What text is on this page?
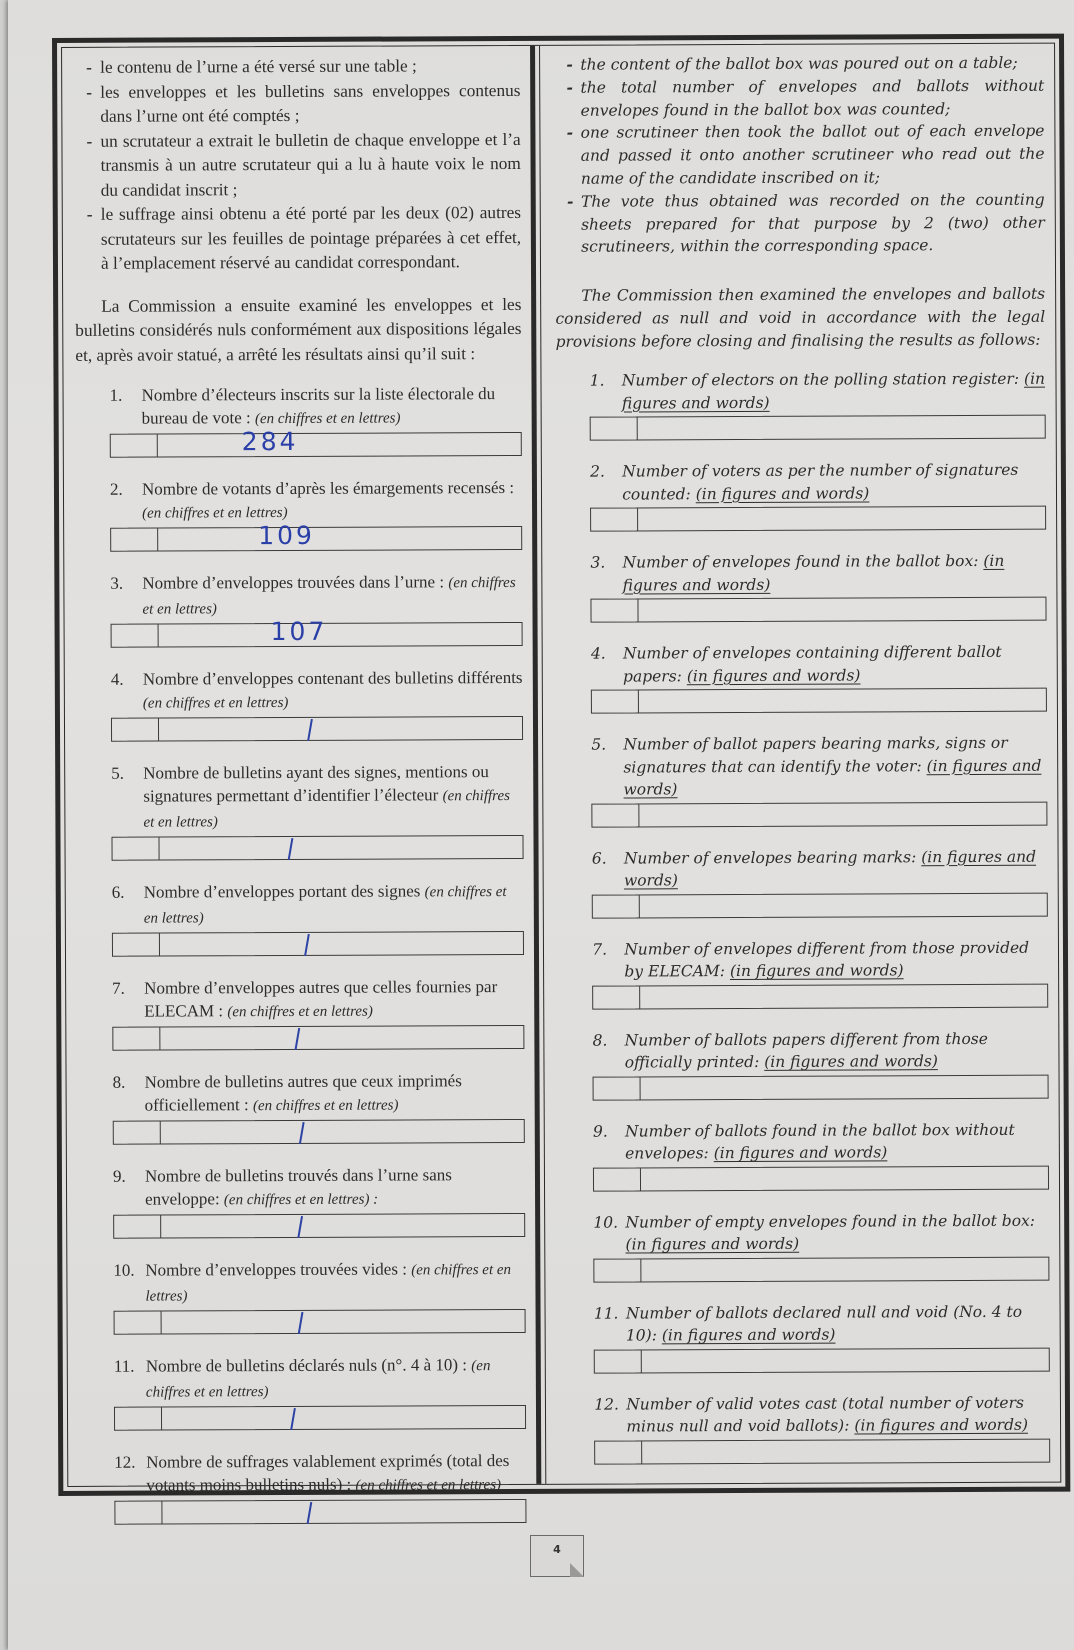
- le contenu de l’urne a été versé sur une table ;
- les enveloppes et les bulletins sans enveloppes contenus dans l’urne ont été comptés ;
- un scrutateur a extrait le bulletin de chaque enveloppe et l’a transmis à un autre scrutateur qui a lu à haute voix le nom du candidat inscrit ;
- le suffrage ainsi obtenu a été porté par les deux (02) autres scrutateurs sur les feuilles de pointage préparées à cet effet, à l’emplacement réservé au candidat correspondant.

La Commission a ensuite examiné les enveloppes et les bulletins considérés nuls conformément aux dispositions légales et, après avoir statué, a arrêté les résultats ainsi qu’il suit :

1. Nombre d’électeurs inscrits sur la liste électorale du bureau de vote : (en chiffres et en lettres)
284
2. Nombre de votants d’après les émargements recensés : (en chiffres et en lettres)
109
3. Nombre d’enveloppes trouvées dans l’urne : (en chiffres et en lettres)
107
4. Nombre d’enveloppes contenant des bulletins différents (en chiffres et en lettres)
5. Nombre de bulletins ayant des signes, mentions ou signatures permettant d’identifier l’électeur (en chiffres et en lettres)
6. Nombre d’enveloppes portant des signes (en chiffres et en lettres)
7. Nombre d’enveloppes autres que celles fournies par ELECAM : (en chiffres et en lettres)
8. Nombre de bulletins autres que ceux imprimés officiellement : (en chiffres et en lettres)
9. Nombre de bulletins trouvés dans l’urne sans enveloppe: (en chiffres et en lettres) :
10. Nombre d’enveloppes trouvées vides : (en chiffres et en lettres)
11. Nombre de bulletins déclarés nuls (n°. 4 à 10) : (en chiffres et en lettres)
12. Nombre de suffrages valablement exprimés (total des votants moins bulletins nuls) : (en chiffres et en lettres)
- the content of the ballot box was poured out on a table;
- the total number of envelopes and ballots without envelopes found in the ballot box was counted;
- one scrutineer then took the ballot out of each envelope and passed it onto another scrutineer who read out the name of the candidate inscribed on it;
- The vote thus obtained was recorded on the counting sheets prepared for that purpose by 2 (two) other scrutineers, within the corresponding space.

The Commission then examined the envelopes and ballots considered as null and void in accordance with the legal provisions before closing and finalising the results as follows:

1. Number of electors on the polling station register: (in figures and words)
2. Number of voters as per the number of signatures counted: (in figures and words)
3. Number of envelopes found in the ballot box: (in figures and words)
4. Number of envelopes containing different ballot papers: (in figures and words)
5. Number of ballot papers bearing marks, signs or signatures that can identify the voter: (in figures and words)
6. Number of envelopes bearing marks: (in figures and words)
7. Number of envelopes different from those provided by ELECAM: (in figures and words)
8. Number of ballots papers different from those officially printed: (in figures and words)
9. Number of ballots found in the ballot box without envelopes: (in figures and words)
10. Number of empty envelopes found in the ballot box: (in figures and words)
11. Number of ballots declared null and void (No. 4 to 10): (in figures and words)
12. Number of valid votes cast (total number of voters minus null and void ballots): (in figures and words)
4
